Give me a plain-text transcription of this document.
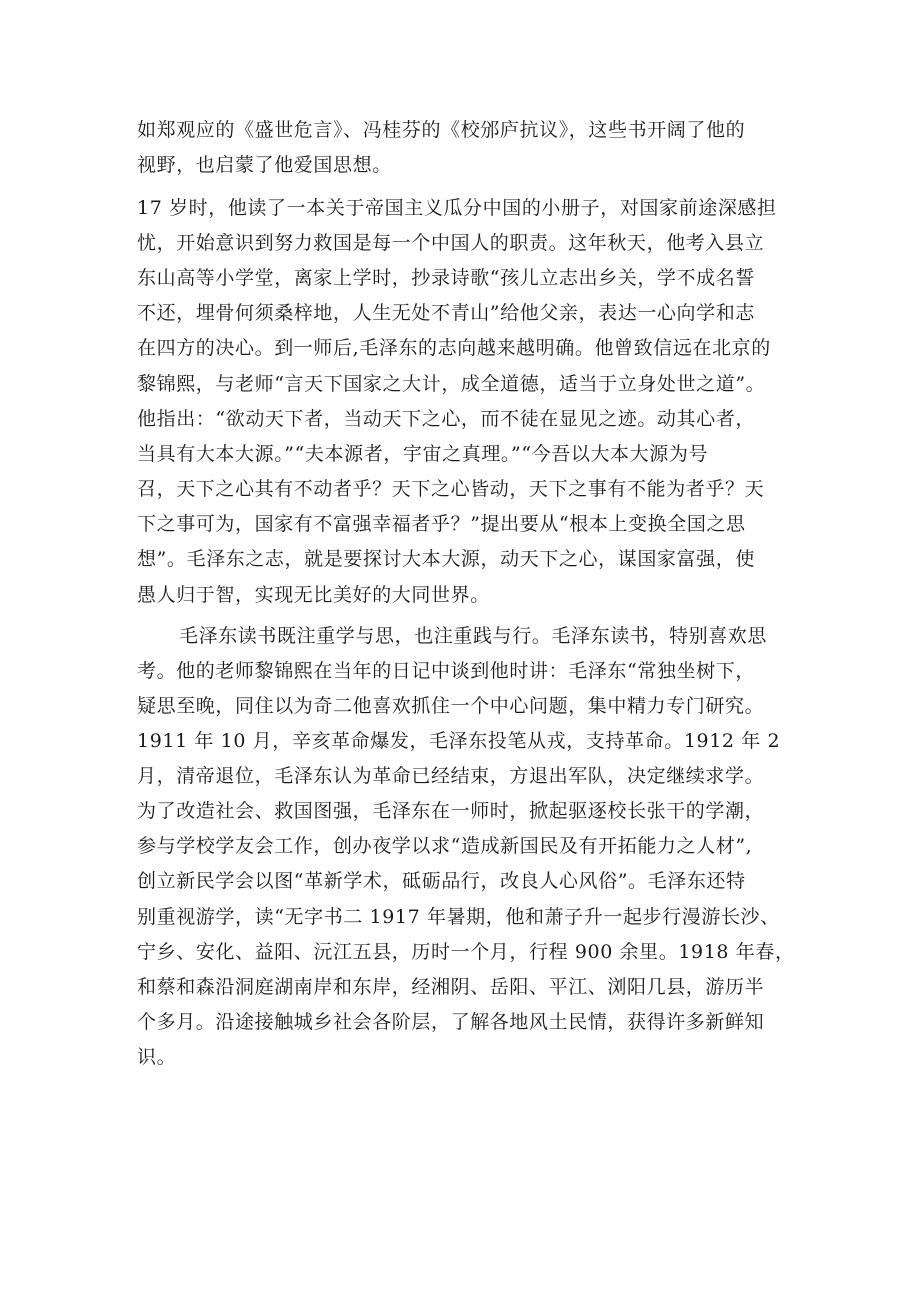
如郑观应的《盛世危言》、冯桂芬的《校邠庐抗议》，这些书开阔了他的
视野，也启蒙了他爱国思想。
17 岁时，他读了一本关于帝国主义瓜分中国的小册子，对国家前途深感担
忧，开始意识到努力救国是每一个中国人的职责。这年秋天，他考入县立
东山高等小学堂，离家上学时，抄录诗歌“孩儿立志出乡关，学不成名誓
不还，埋骨何须桑梓地，人生无处不青山”给他父亲，表达一心向学和志
在四方的决心。到一师后,毛泽东的志向越来越明确。他曾致信远在北京的
黎锦熙，与老师“言天下国家之大计，成全道德，适当于立身处世之道”。
他指出：“欲动天下者，当动天下之心，而不徒在显见之迹。动其心者，
当具有大本大源。”“夫本源者，宇宙之真理。”“今吾以大本大源为号
召，天下之心其有不动者乎？天下之心皆动，天下之事有不能为者乎？天
下之事可为，国家有不富强幸福者乎？”提出要从“根本上变换全国之思
想”。毛泽东之志，就是要探讨大本大源，动天下之心，谋国家富强，使
愚人归于智，实现无比美好的大同世界。
毛泽东读书既注重学与思，也注重践与行。毛泽东读书，特别喜欢思
考。他的老师黎锦熙在当年的日记中谈到他时讲：毛泽东“常独坐树下，
疑思至晚，同住以为奇二他喜欢抓住一个中心问题，集中精力专门研究。
1911 年 10 月，辛亥革命爆发，毛泽东投笔从戎，支持革命。1912 年 2
月，清帝退位，毛泽东认为革命已经结束，方退出军队，决定继续求学。
为了改造社会、救国图强，毛泽东在一师时，掀起驱逐校长张干的学潮，
参与学校学友会工作，创办夜学以求“造成新国民及有开拓能力之人材”,
创立新民学会以图“革新学术，砥砺品行，改良人心风俗”。毛泽东还特
别重视游学，读“无字书二 1917 年暑期，他和萧子升一起步行漫游长沙、
宁乡、安化、益阳、沅江五县，历时一个月，行程 900 余里。1918 年春，
和蔡和森沿洞庭湖南岸和东岸，经湘阴、岳阳、平江、浏阳几县，游历半
个多月。沿途接触城乡社会各阶层，了解各地风土民情，获得许多新鲜知
识。
